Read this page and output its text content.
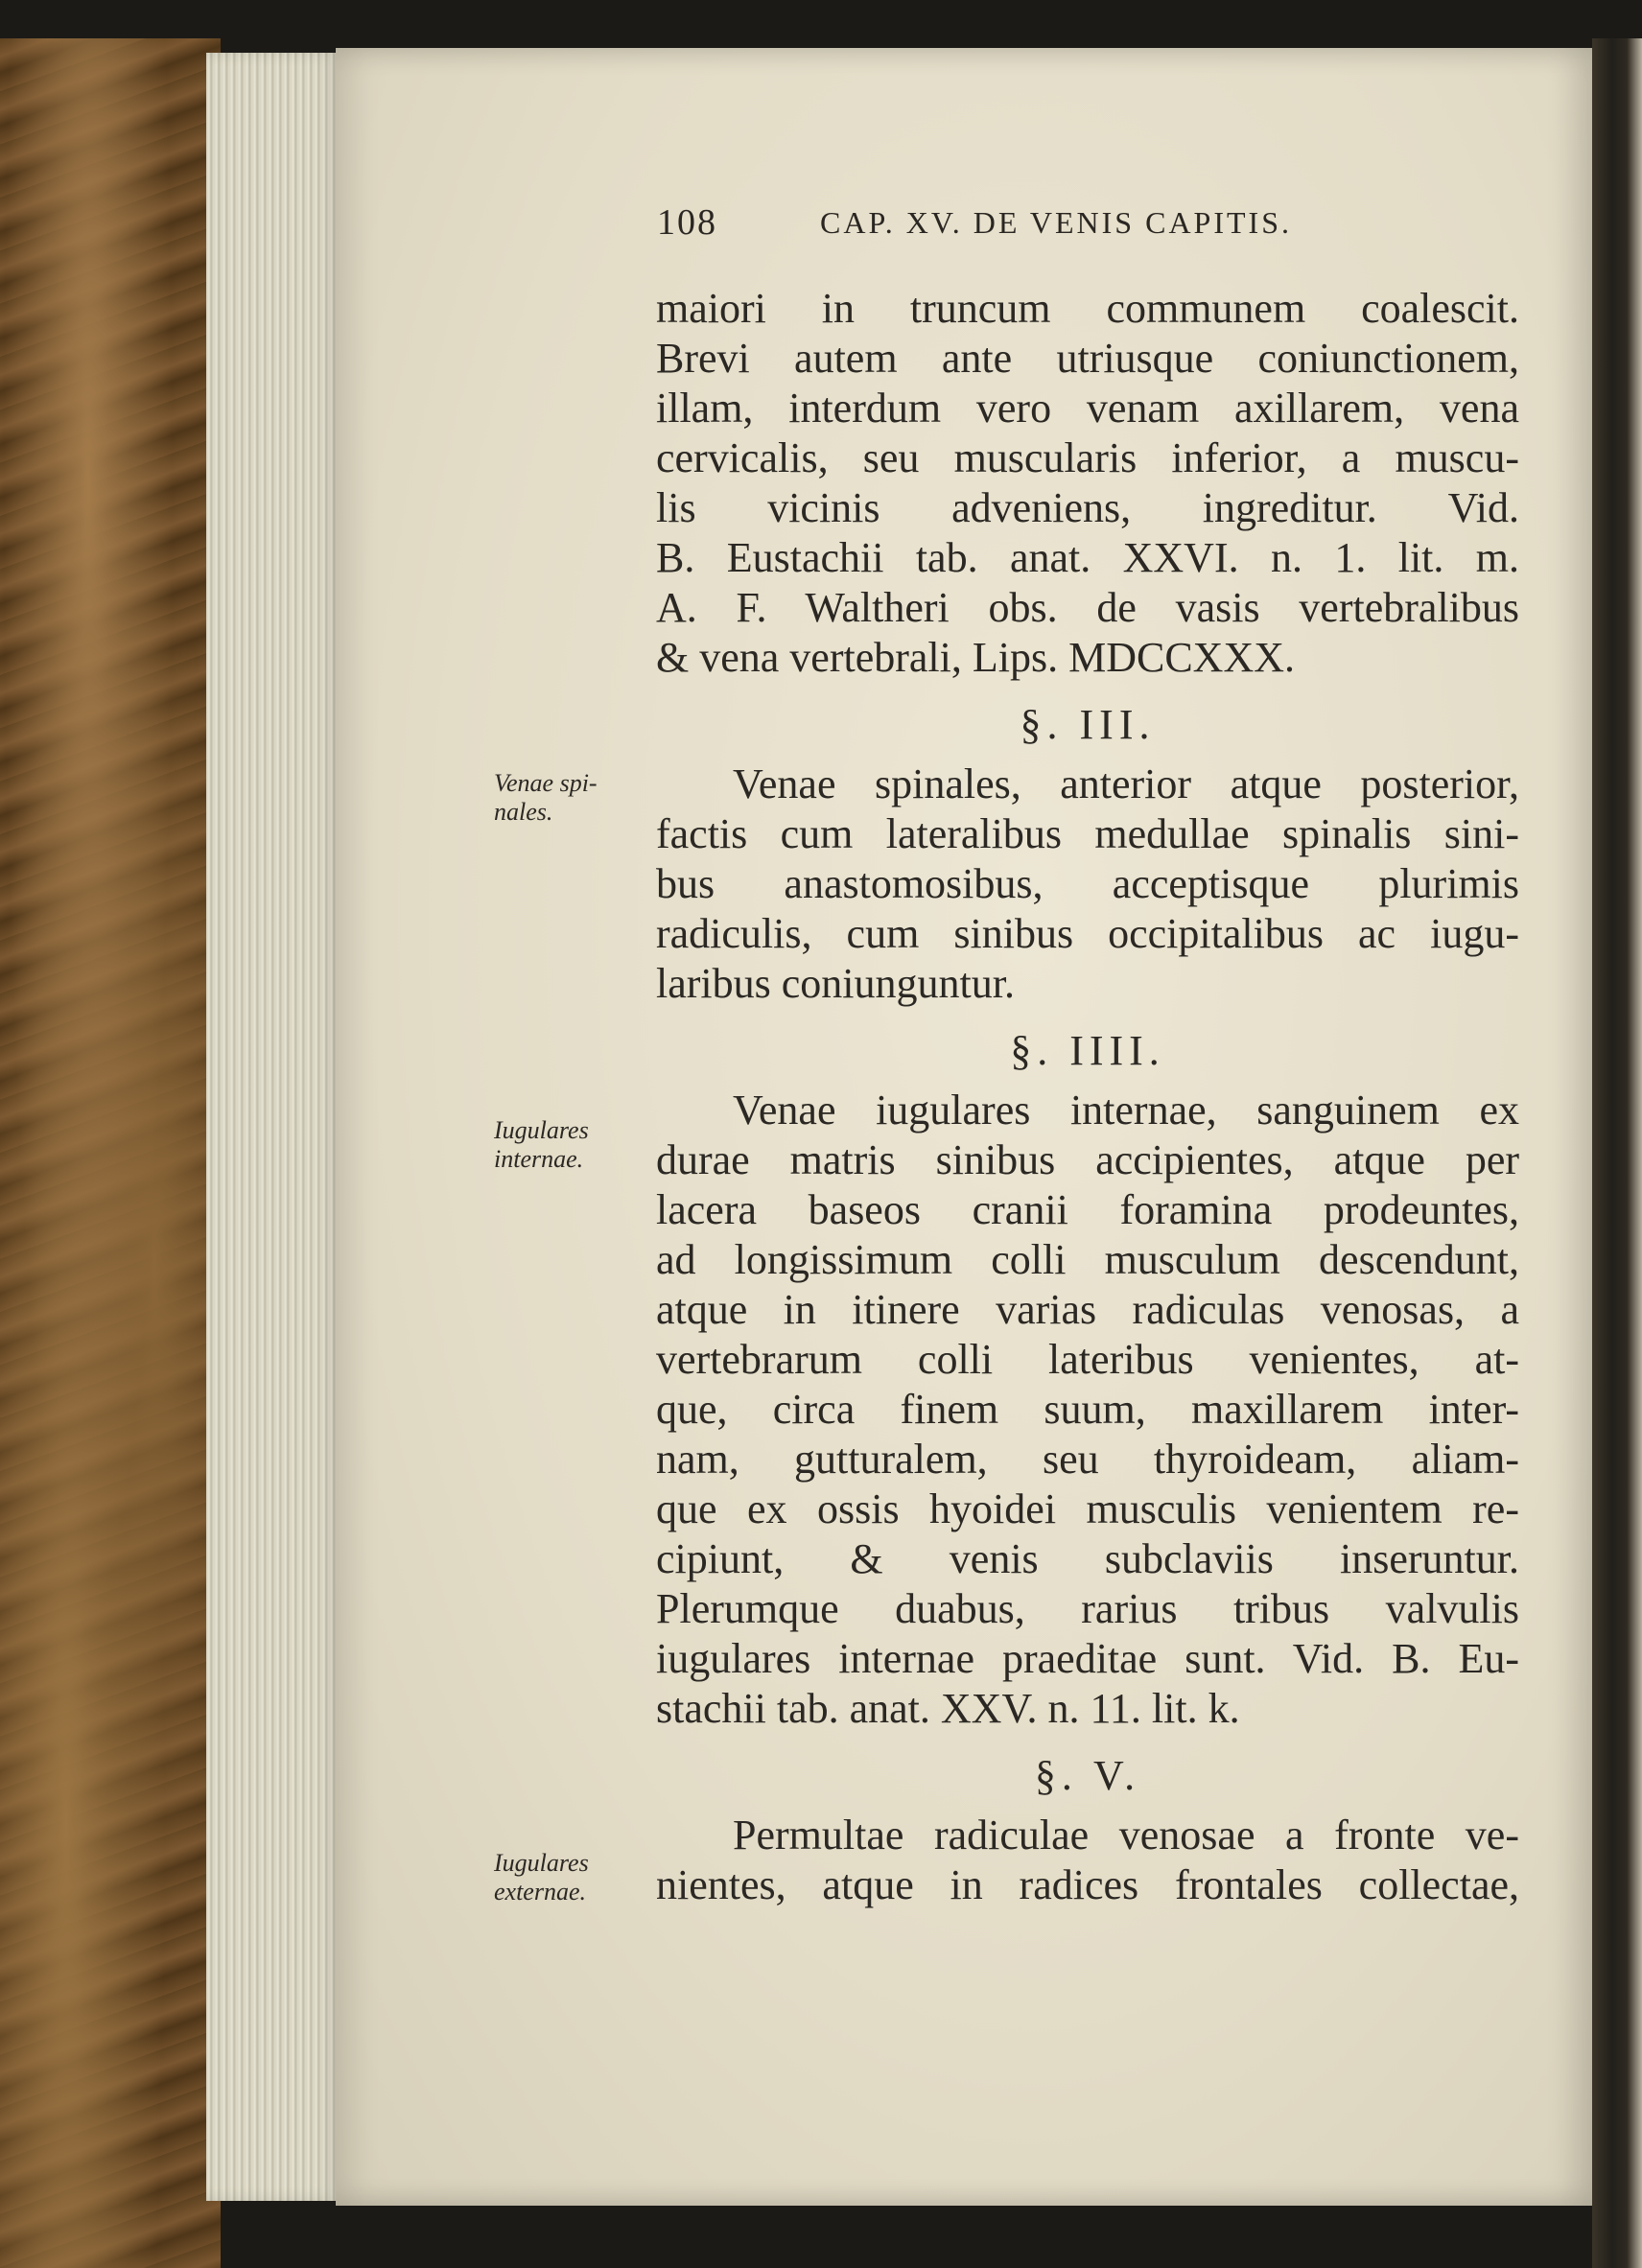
108	CAP. XV. DE VENIS CAPITIS.
maiori in truncum communem coalescit.
Brevi autem ante utriusque coniunctionem,
illam, interdum vero venam axillarem, vena
cervicalis, seu muscularis inferior, a muscu-
lis vicinis adveniens, ingreditur. Vid.
B. Eustachii tab. anat. XXVI. n. 1. lit. m.
A. F. Waltheri obs. de vasis vertebralibus
& vena vertebrali, Lips. MDCCXXX.
§. III.
Venae spinales, anterior atque posterior,
factis cum lateralibus medullae spinalis sini-
bus anastomosibus, acceptisque plurimis
radiculis, cum sinibus occipitalibus ac iugu-
laribus coniunguntur.
§. IIII.
Venae iugulares internae, sanguinem ex
durae matris sinibus accipientes, atque per
lacera baseos cranii foramina prodeuntes,
ad longissimum colli musculum descendunt,
atque in itinere varias radiculas venosas, a
vertebrarum colli lateribus venientes, at-
que, circa finem suum, maxillarem inter-
nam, gutturalem, seu thyroideam, aliam-
que ex ossis hyoidei musculis venientem re-
cipiunt, & venis subclaviis inseruntur.
Plerumque duabus, rarius tribus valvulis
iugulares internae praeditae sunt. Vid. B. Eu-
stachii tab. anat. XXV. n. 11. lit. k.
§. V.
Permultae radiculae venosae a fronte ve-
nientes, atque in radices frontales collectae,
Venae spi-
nales.
Iugulares
internae.
Iugulares
externae.
